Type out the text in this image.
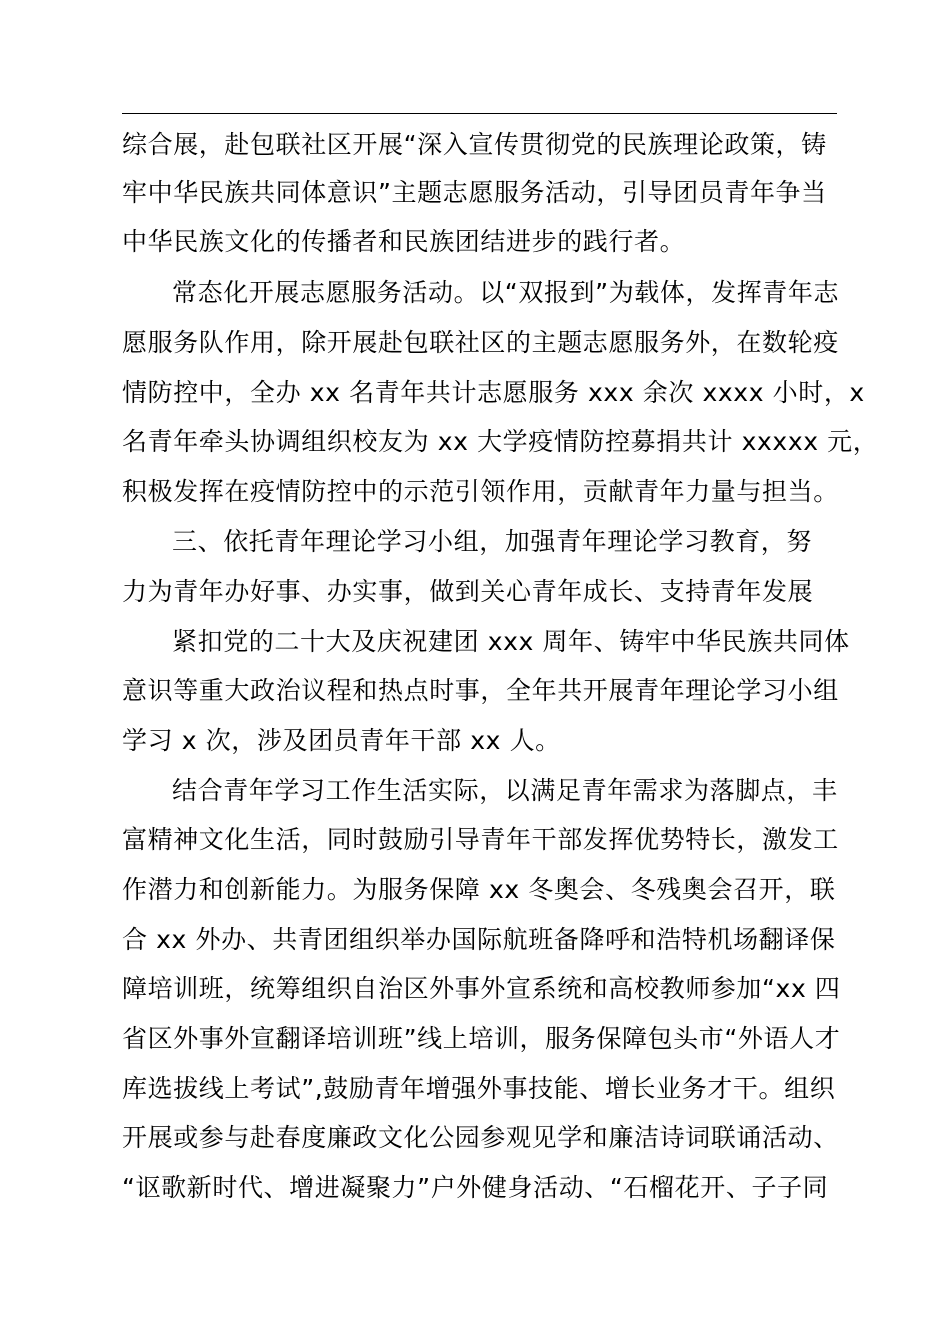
综合展，赴包联社区开展“深入宣传贯彻党的民族理论政策，铸
牢中华民族共同体意识”主题志愿服务活动，引导团员青年争当
中华民族文化的传播者和民族团结进步的践行者。
常态化开展志愿服务活动。以“双报到”为载体，发挥青年志
愿服务队作用，除开展赴包联社区的主题志愿服务外，在数轮疫
情防控中，全办 xx 名青年共计志愿服务 xxx 余次 xxxx 小时，x
名青年牵头协调组织校友为 xx 大学疫情防控募捐共计 xxxxx 元，
积极发挥在疫情防控中的示范引领作用，贡献青年力量与担当。
三、依托青年理论学习小组，加强青年理论学习教育，努
力为青年办好事、办实事，做到关心青年成长、支持青年发展
紧扣党的二十大及庆祝建团 xxx 周年、铸牢中华民族共同体
意识等重大政治议程和热点时事，全年共开展青年理论学习小组
学习 x 次，涉及团员青年干部 xx 人。
结合青年学习工作生活实际，以满足青年需求为落脚点，丰
富精神文化生活，同时鼓励引导青年干部发挥优势特长，激发工
作潜力和创新能力。为服务保障 xx 冬奥会、冬残奥会召开，联
合 xx 外办、共青团组织举办国际航班备降呼和浩特机场翻译保
障培训班，统筹组织自治区外事外宣系统和高校教师参加“xx 四
省区外事外宣翻译培训班”线上培训，服务保障包头市“外语人才
库选拔线上考试”,鼓励青年增强外事技能、增长业务才干。组织
开展或参与赴春度廉政文化公园参观见学和廉洁诗词联诵活动、
“讴歌新时代、增进凝聚力”户外健身活动、“石榴花开、子子同
